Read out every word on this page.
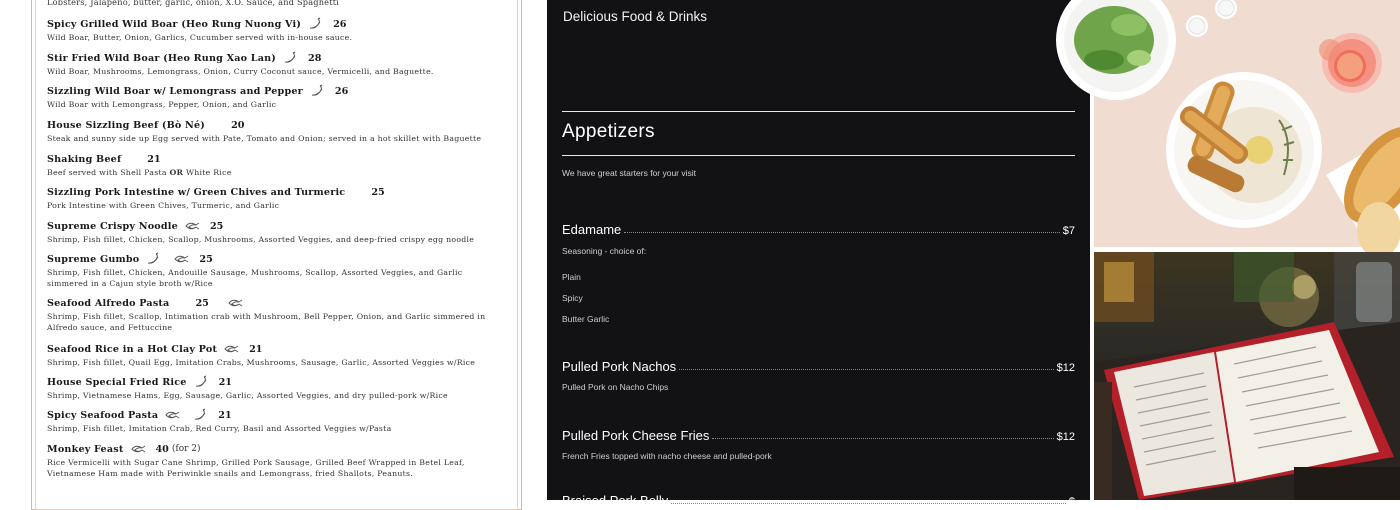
Lobsters, Jalapeno, butter, garlic, onion, X.O. Sauce, and Spaghetti
Spicy Grilled Wild Boar (Heo Rung Nuong Vi)	26
Wild Boar, Butter, Onion, Garlics, Cucumber served with in-house sauce.
Stir Fried Wild Boar (Heo Rung Xao Lan)	28
Wild Boar, Mushrooms, Lemongrass, Onion, Curry Coconut sauce, Vermicelli, and Baguette.
Sizzling Wild Boar w/ Lemongrass and Pepper	26
Wild Boar with Lemongrass, Pepper, Onion, and Garlic
House Sizzling Beef (Bò Né)	20
Steak and sunny side up Egg served with Pate, Tomato and Onion; served in a hot skillet with Baguette
Shaking Beef	21
Beef served with Shell Pasta OR White Rice
Sizzling Pork Intestine w/ Green Chives and Turmeric	25
Pork Intestine with Green Chives, Turmeric, and Garlic
Supreme Crispy Noodle	25
Shrimp, Fish fillet, Chicken, Scallop, Mushrooms, Assorted Veggies, and deep-fried crispy egg noodle
Supreme Gumbo	25
Shrimp, Fish fillet, Chicken, Andouille Sausage, Mushrooms, Scallop, Assorted Veggies, and Garlic simmered in a Cajun style broth w/Rice
Seafood Alfredo Pasta	25
Shrimp, Fish fillet, Scallop, Intimation crab with Mushroom, Bell Pepper, Onion, and Garlic simmered in Alfredo sauce, and Fettuccine
Seafood Rice in a Hot Clay Pot	21
Shrimp, Fish fillet, Quail Egg, Imitation Crabs, Mushrooms, Sausage, Garlic, Assorted Veggies w/Rice
House Special Fried Rice	21
Shrimp, Vietnamese Hams, Egg, Sausage, Garlic, Assorted Veggies, and dry pulled-pork w/Rice
Spicy Seafood Pasta	21
Shrimp, Fish fillet, Imitation Crab, Red Curry, Basil and Assorted Veggies w/Pasta
Monkey Feast	40 (for 2)
Rice Vermicelli with Sugar Cane Shrimp, Grilled Pork Sausage, Grilled Beef Wrapped in Betel Leaf, Vietnamese Ham made with Periwinkle snails and Lemongrass, fried Shallots, Peanuts.
Delicious Food & Drinks
Appetizers
We have great starters for your visit
Edamame	$7
Seasoning - choice of:
Plain
Spicy
Butter Garlic
Pulled Pork Nachos	$12
Pulled Pork on Nacho Chips
Pulled Pork Cheese Fries	$12
French Fries topped with nacho cheese and pulled-pork
Braised Pork Belly	$
